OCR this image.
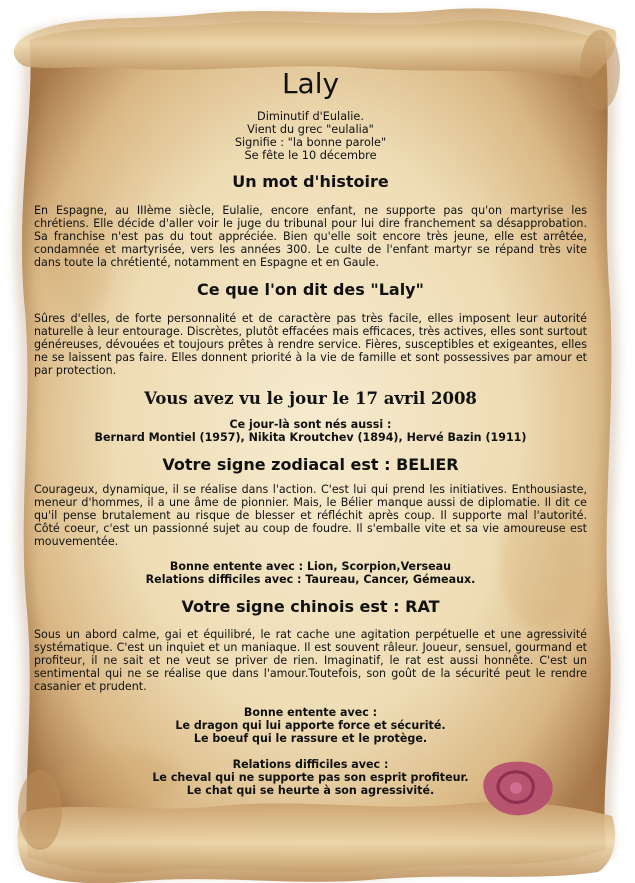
Laly
Diminutif d'Eulalie.
Vient du grec "eulalia"
Signifie : "la bonne parole"
Se fête le 10 décembre
Un mot d'histoire

En Espagne, au IIIème siècle, Eulalie, encore enfant, ne supporte pas qu'on martyrise les chrétiens. Elle décide d'aller voir le juge du tribunal pour lui dire franchement sa désapprobation. Sa franchise n'est pas du tout appréciée. Bien qu'elle soit encore très jeune, elle est arrêtée, condamnée et martyrisée, vers les années 300. Le culte de l'enfant martyr se répand très vite dans toute la chrétienté, notamment en Espagne et en Gaule.

Ce que l'on dit des "Laly"

Sûres d'elles, de forte personnalité et de caractère pas très facile, elles imposent leur autorité naturelle à leur entourage. Discrètes, plutôt effacées mais efficaces, très actives, elles sont surtout généreuses, dévouées et toujours prêtes à rendre service. Fières, susceptibles et exigeantes, elles ne se laissent pas faire. Elles donnent priorité à la vie de famille et sont possessives par amour et par protection.

Vous avez vu le jour le 17 avril 2008

Ce jour-là sont nés aussi :

Bernard Montiel (1957), Nikita Kroutchev (1894), Hervé Bazin (1911)

Votre signe zodiacal est : BELIER

Courageux, dynamique, il se réalise dans l'action. C'est lui qui prend les initiatives. Enthousiaste, meneur d'hommes, il a une âme de pionnier. Mais, le Bélier manque aussi de diplomatie. Il dit ce qu'il pense brutalement au risque de blesser et réfléchit après coup. Il supporte mal l'autorité. Côté coeur, c'est un passionné sujet au coup de foudre. Il s'emballe vite et sa vie amoureuse est mouvementée.

Bonne entente avec : Lion, Scorpion,Verseau

Relations difficiles avec : Taureau, Cancer, Gémeaux.

Votre signe chinois est : RAT

Sous un abord calme, gai et équilibré, le rat cache une agitation perpétuelle et une agressivité systématique. C'est un inquiet et un maniaque. Il est souvent râleur. Joueur, sensuel, gourmand et profiteur, il ne sait et ne veut se priver de rien. Imaginatif, le rat est aussi honnête. C'est un sentimental qui ne se réalise que dans l'amour.Toutefois, son goût de la sécurité peut le rendre casanier et prudent.

Bonne entente avec :

Le dragon qui lui apporte force et sécurité.

Le boeuf qui le rassure et le protège.

Relations difficiles avec :

Le cheval qui ne supporte pas son esprit profiteur.

Le chat qui se heurte à son agressivité.
